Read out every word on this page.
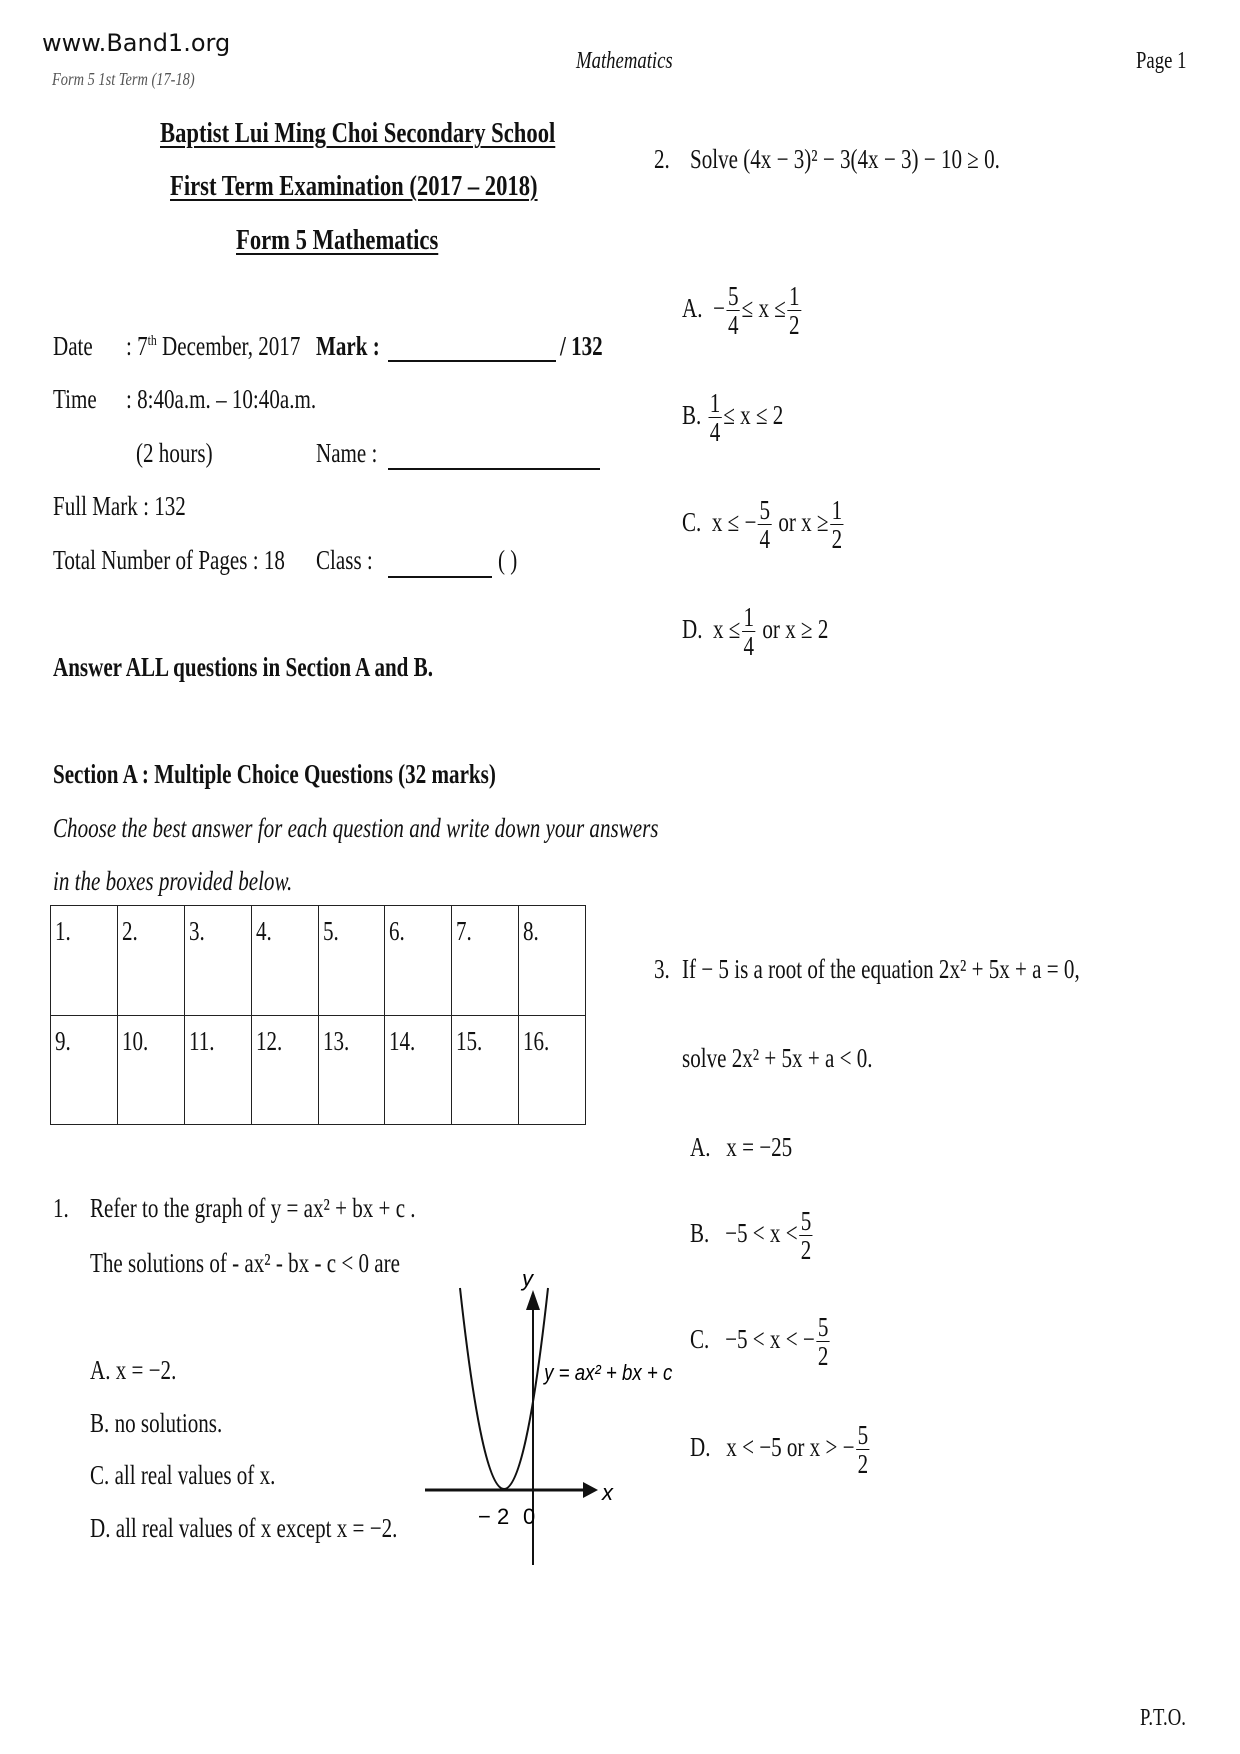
www.Band1.org
Form 5 1st Term (17-18)
Mathematics	Page 1
Baptist Lui Ming Choi Secondary School
First Term Examination (2017 – 2018)
Form 5 Mathematics
Date : 7th December, 2017 Mark :	/ 132
Time : 8:40a.m. – 10:40a.m.
(2 hours)	Name :
Full Mark : 132
Total Number of Pages : 18 Class :	( )
Answer ALL questions in Section A and B.
Section A : Multiple Choice Questions (32 marks)
Choose the best answer for each question and write down your answers
in the boxes provided below.
1.	2.	3.	4.	5.	6.	7.	8.
9.	10.	11.	12.	13.	14.	15.	16.
1. Refer to the graph of y = ax² + bx + c .
The solutions of - ax² - bx - c < 0 are
A. x = −2.
B. no solutions.
C. all real values of x.
D. all real values of x except x = −2.
y
x
− 2 0
y = ax² + bx + c
2. Solve (4x − 3)² − 3(4x − 3) − 10 ≥ 0.
A. − $\frac{5}{4} \le x \le \frac{1}{2}$
B. $\frac{1}{4} \le x \le 2$
C. x ≤ − $\frac{5}{4}$ or $x \ge \frac{1}{2}$
D. $x \le \frac{1}{4}$ or x ≥ 2
3. If − 5 is a root of the equation 2x² + 5x + a = 0,
solve 2x² + 5x + a < 0.
A. x = −25
B. $-5 < x < \frac{5}{2}$
C. −5 < x < − $\frac{5}{2}$
D. x < −5 or x > − $\frac{5}{2}$
P.T.O.
